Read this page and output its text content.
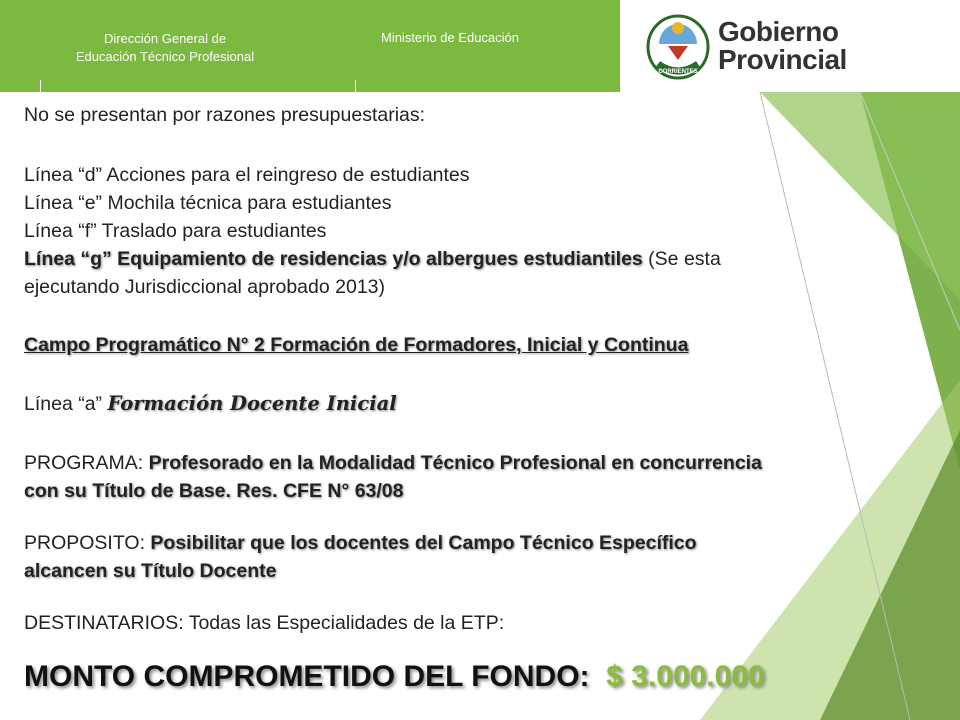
Dirección General de
Educación Técnico Profesional
Ministerio de Educación
CORRIENTES
Gobierno
Provincial
No se presentan por razones presupuestarias:
Línea “d” Acciones para el reingreso de estudiantes
Línea “e” Mochila técnica para estudiantes
Línea “f” Traslado para estudiantes
Línea “g” Equipamiento de residencias y/o albergues estudiantiles (Se esta
ejecutando Jurisdiccional aprobado 2013)
Campo Programático N° 2 Formación de Formadores, Inicial y Continua
Línea “a” Formación Docente Inicial
PROGRAMA: Profesorado en la Modalidad Técnico Profesional en concurrencia
con su Título de Base. Res. CFE N° 63/08
PROPOSITO: Posibilitar que los docentes del Campo Técnico Específico
alcancen su Título Docente
DESTINATARIOS: Todas las Especialidades de la ETP:
MONTO COMPROMETIDO DEL FONDO: $ 3.000.000
